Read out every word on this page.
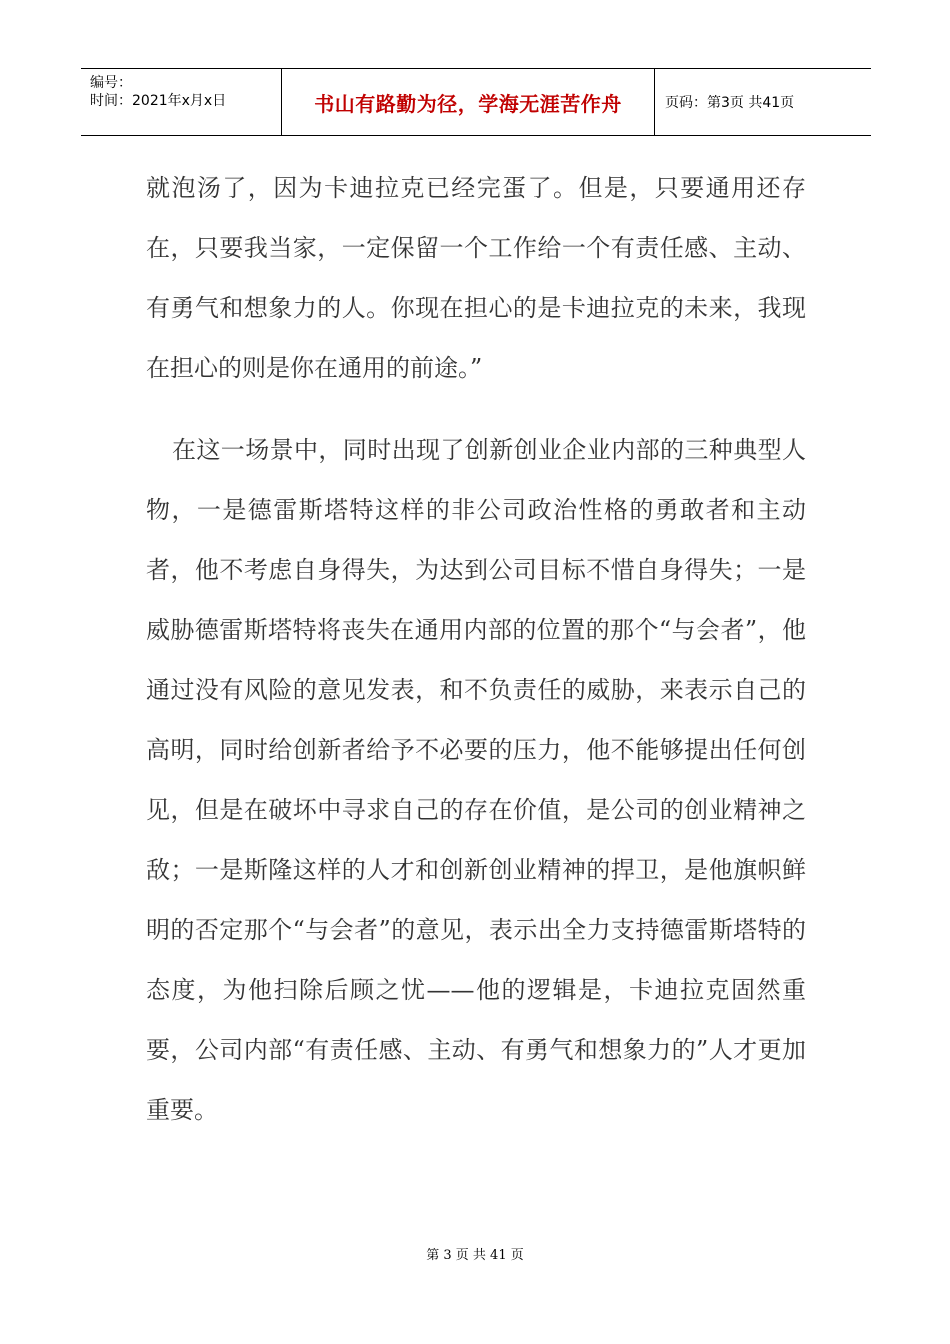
编号：
时间：2021年x月x日	书山有路勤为径，学海无涯苦作舟	页码：第3页 共41页

就泡汤了，因为卡迪拉克已经完蛋了。但是，只要通用还存在，只要我当家，一定保留一个工作给一个有责任感、主动、有勇气和想象力的人。你现在担心的是卡迪拉克的未来，我现在担心的则是你在通用的前途。”

在这一场景中，同时出现了创新创业企业内部的三种典型人物，一是德雷斯塔特这样的非公司政治性格的勇敢者和主动者，他不考虑自身得失，为达到公司目标不惜自身得失；一是威胁德雷斯塔特将丧失在通用内部的位置的那个“与会者”，他通过没有风险的意见发表，和不负责任的威胁，来表示自己的高明，同时给创新者给予不必要的压力，他不能够提出任何创见，但是在破坏中寻求自己的存在价值，是公司的创业精神之敌；一是斯隆这样的人才和创新创业精神的捍卫，是他旗帜鲜明的否定那个“与会者”的意见，表示出全力支持德雷斯塔特的态度，为他扫除后顾之忧——他的逻辑是，卡迪拉克固然重要，公司内部“有责任感、主动、有勇气和想象力的”人才更加重要。

第 3 页 共 41 页
